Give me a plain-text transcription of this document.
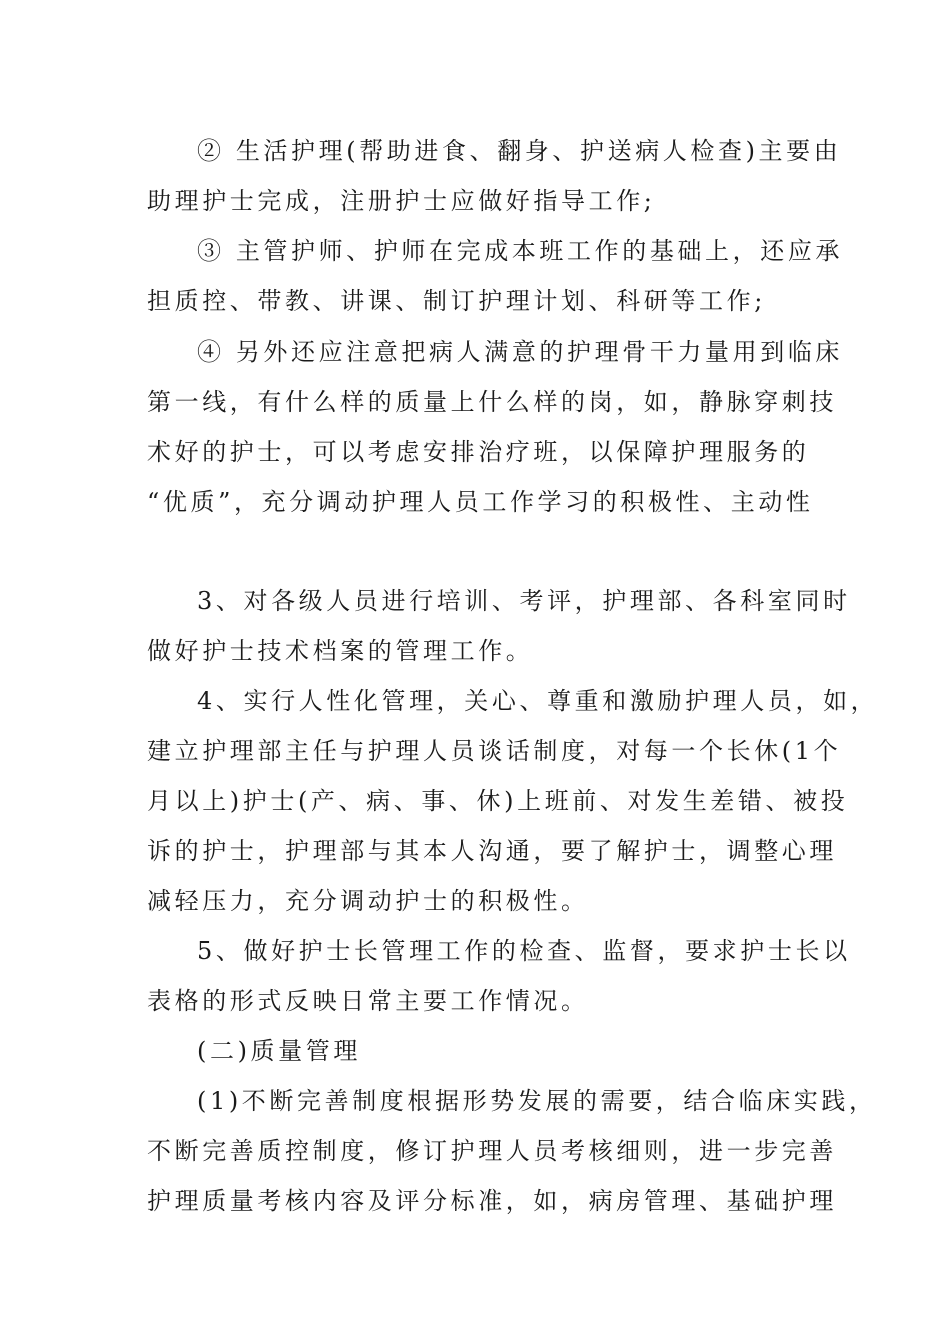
② 生活护理(帮助进食、翻身、护送病人检查)主要由
助理护士完成，注册护士应做好指导工作;
③ 主管护师、护师在完成本班工作的基础上，还应承
担质控、带教、讲课、制订护理计划、科研等工作;
④ 另外还应注意把病人满意的护理骨干力量用到临床
第一线，有什么样的质量上什么样的岗，如，静脉穿刺技
术好的护士，可以考虑安排治疗班，以保障护理服务的
“优质”，充分调动护理人员工作学习的积极性、主动性
3、对各级人员进行培训、考评，护理部、各科室同时
做好护士技术档案的管理工作。
4、实行人性化管理，关心、尊重和激励护理人员，如，
建立护理部主任与护理人员谈话制度，对每一个长休(1个
月以上)护士(产、病、事、休)上班前、对发生差错、被投
诉的护士，护理部与其本人沟通，要了解护士，调整心理
减轻压力，充分调动护士的积极性。
5、做好护士长管理工作的检查、监督，要求护士长以
表格的形式反映日常主要工作情况。
(二)质量管理
(1)不断完善制度根据形势发展的需要，结合临床实践，
不断完善质控制度，修订护理人员考核细则，进一步完善
护理质量考核内容及评分标准，如，病房管理、基础护理
